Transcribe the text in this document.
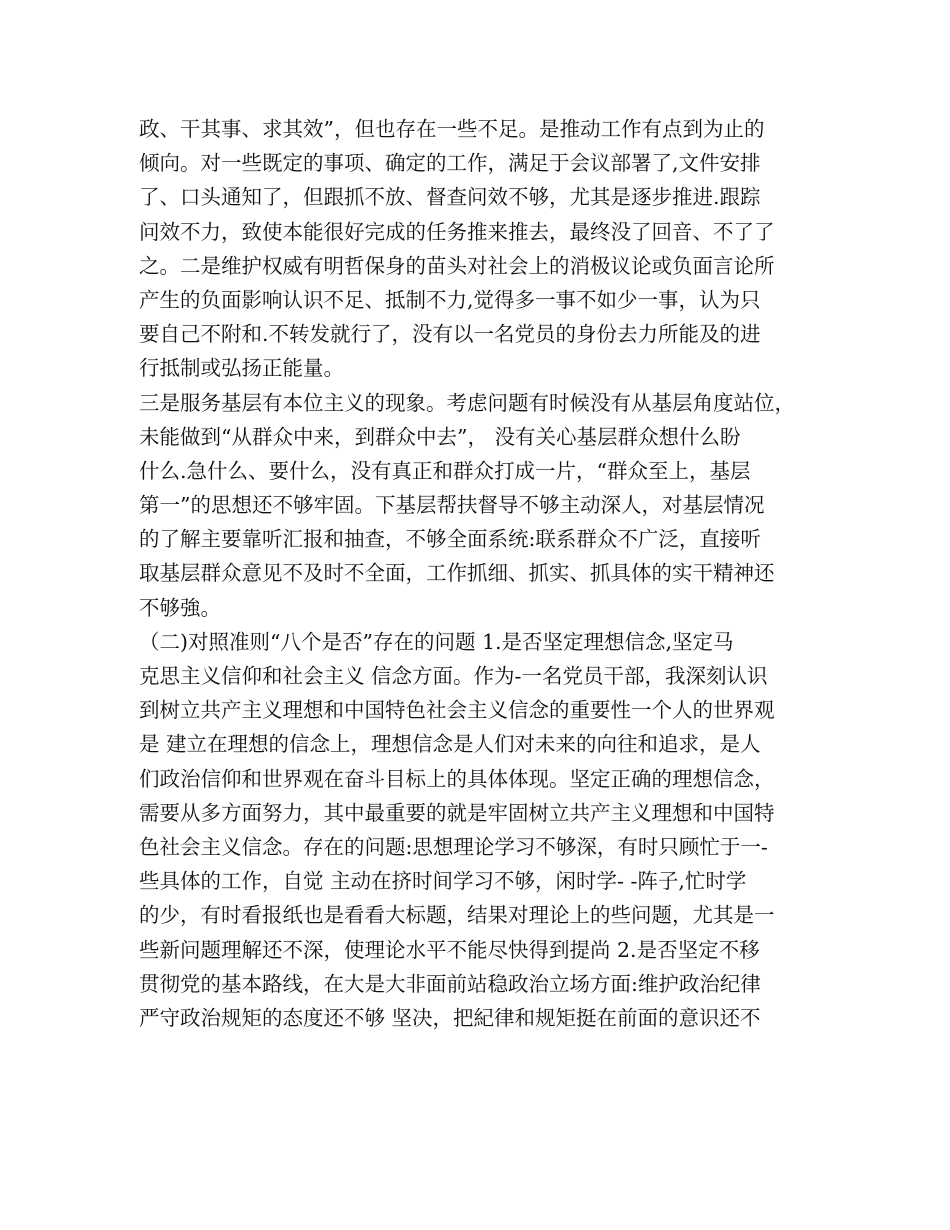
政、干其事、求其效”，但也存在一些不足。是推动工作有点到为止的
倾向。对一些既定的事项、确定的工作，满足于会议部署了,文件安排
了、口头通知了，但跟抓不放、督查问效不够，尤其是逐步推进.跟踪
问效不力，致使本能很好完成的任务推来推去，最终没了回音、不了了
之。二是维护权威有明哲保身的苗头对社会上的消极议论或负面言论所
产生的负面影响认识不足、抵制不力,觉得多一事不如少一事，认为只
要自己不附和.不转发就行了，没有以一名党员的身份去力所能及的进
行抵制或弘扬正能量。
三是服务基层有本位主义的现象。考虑问题有时候没有从基层角度站位，
未能做到“从群众中来，到群众中去”， 没有关心基层群众想什么盼
什么.急什么、要什么，没有真正和群众打成一片，“群众至上，基层
第一”的思想还不够牢固。下基层帮扶督导不够主动深人，对基层情况
的了解主要靠听汇报和抽查，不够全面系统:联系群众不广泛，直接听
取基层群众意见不及时不全面，工作抓细、抓实、抓具体的实干精神还
不够強。
（二)对照准则“八个是否”存在的问题 1.是否坚定理想信念,坚定马
克思主义信仰和社会主义 信念方面。作为-一名党员干部，我深刻认识
到树立共产主义理想和中国特色社会主义信念的重要性一个人的世界观
是 建立在理想的信念上，理想信念是人们对未来的向往和追求，是人
们政治信仰和世界观在奋斗目标上的具体体现。坚定正确的理想信念，
需要从多方面努力，其中最重要的就是牢固树立共产主义理想和中国特
色社会主义信念。存在的问题:思想理论学习不够深，有时只顾忙于一-
些具体的工作，自觉 主动在挤时间学习不够，闲时学- -阵子,忙时学
的少，有时看报纸也是看看大标题，结果对理论上的些问题，尤其是一
些新问题理解还不深，使理论水平不能尽快得到提尚 2.是否坚定不移
贯彻党的基本路线，在大是大非面前站稳政治立场方面:维护政治纪律
严守政治规矩的态度还不够 坚决，把紀律和规矩挺在前面的意识还不
